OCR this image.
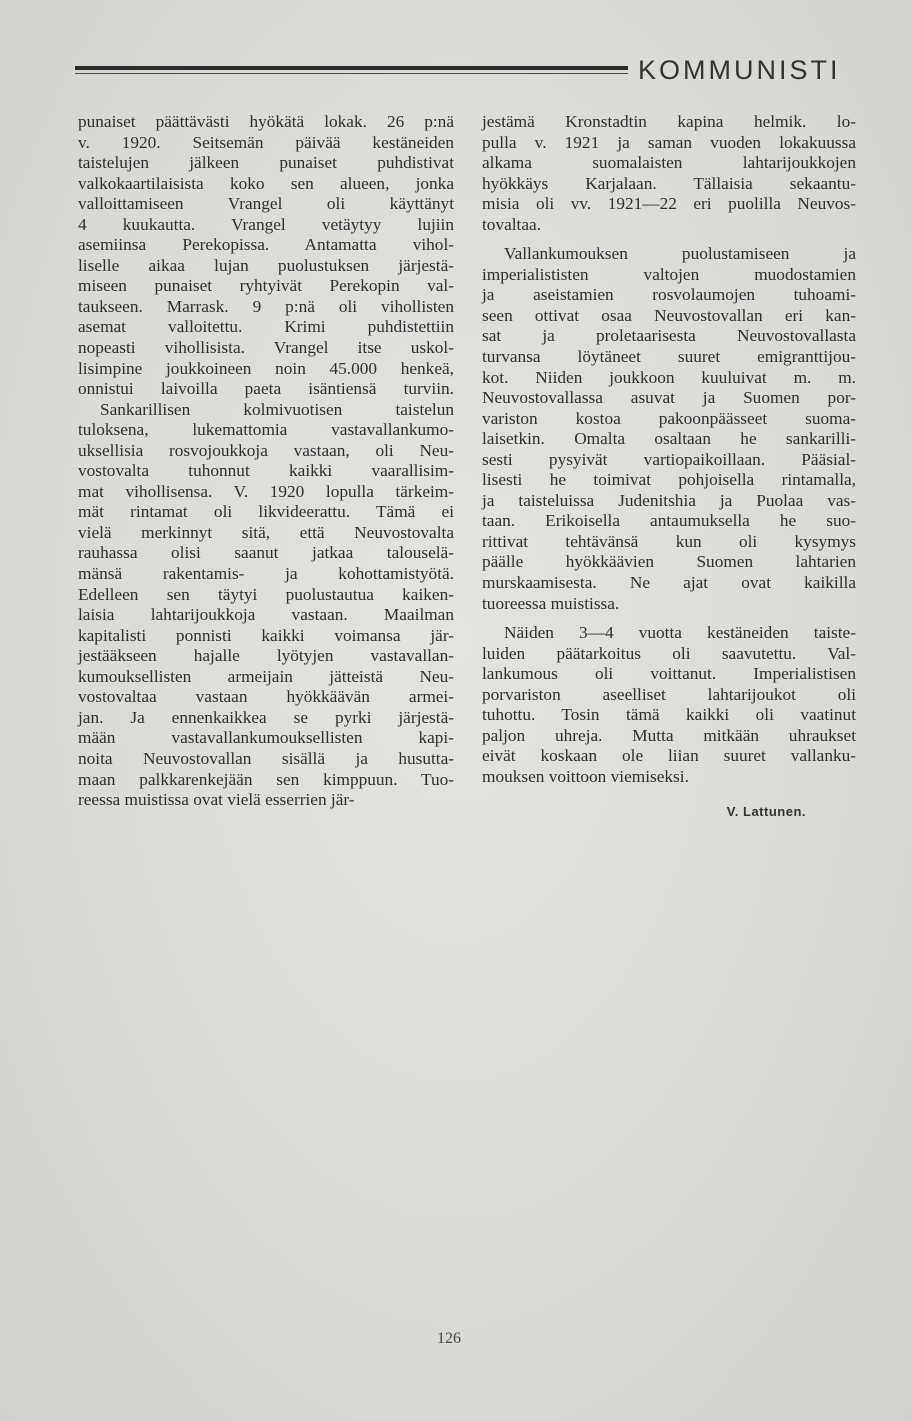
KOMMUNISTI
punaiset päättävästi hyökätä lokak. 26 p:nä
v. 1920. Seitsemän päivää kestäneiden
taistelujen jälkeen punaiset puhdistivat
valkokaartilaisista koko sen alueen, jonka
valloittamiseen Vrangel oli käyttänyt
4 kuukautta. Vrangel vetäytyy lujiin
asemiinsa Perekopissa. Antamatta vihol-
liselle aikaa lujan puolustuksen järjestä-
miseen punaiset ryhtyivät Perekopin val-
taukseen. Marrask. 9 p:nä oli vihollisten
asemat valloitettu. Krimi puhdistettiin
nopeasti vihollisista. Vrangel itse uskol-
lisimpine joukkoineen noin 45.000 henkeä,
onnistui laivoilla paeta isäntiensä turviin.
Sankarillisen kolmivuotisen taistelun
tuloksena, lukemattomia vastavallankumo-
uksellisia rosvojoukkoja vastaan, oli Neu-
vostovalta tuhonnut kaikki vaarallisim-
mat vihollisensa. V. 1920 lopulla tärkeim-
mät rintamat oli likvideerattu. Tämä ei
vielä merkinnyt sitä, että Neuvostovalta
rauhassa olisi saanut jatkaa talouselä-
mänsä rakentamis- ja kohottamistyötä.
Edelleen sen täytyi puolustautua kaiken-
laisia lahtarijoukkoja vastaan. Maailman
kapitalisti ponnisti kaikki voimansa jär-
jestääkseen hajalle lyötyjen vastavallan-
kumouksellisten armeijain jätteistä Neu-
vostovaltaa vastaan hyökkäävän armei-
jan. Ja ennenkaikkea se pyrki järjestä-
mään vastavallankumouksellisten kapi-
noita Neuvostovallan sisällä ja husutta-
maan palkkarenkejään sen kimppuun. Tuo-
reessa muistissa ovat vielä esserrien jär-
jestämä Kronstadtin kapina helmik. lo-
pulla v. 1921 ja saman vuoden lokakuussa
alkama suomalaisten lahtarijoukkojen
hyökkäys Karjalaan. Tällaisia sekaantu-
misia oli vv. 1921—22 eri puolilla Neuvos-
tovaltaa.
Vallankumouksen puolustamiseen ja
imperialististen valtojen muodostamien
ja aseistamien rosvolaumojen tuhoami-
seen ottivat osaa Neuvostovallan eri kan-
sat ja proletaarisesta Neuvostovallasta
turvansa löytäneet suuret emigranttijou-
kot. Niiden joukkoon kuuluivat m. m.
Neuvostovallassa asuvat ja Suomen por-
variston kostoa pakoonpäässeet suoma-
laisetkin. Omalta osaltaan he sankarilli-
sesti pysyivät vartiopaikoillaan. Pääsial-
lisesti he toimivat pohjoisella rintamalla,
ja taisteluissa Judenitshia ja Puolaa vas-
taan. Erikoisella antaumuksella he suo-
rittivat tehtävänsä kun oli kysymys
päälle hyökkäävien Suomen lahtarien
murskaamisesta. Ne ajat ovat kaikilla
tuoreessa muistissa.
Näiden 3—4 vuotta kestäneiden taiste-
luiden päätarkoitus oli saavutettu. Val-
lankumous oli voittanut. Imperialistisen
porvariston aseelliset lahtarijoukot oli
tuhottu. Tosin tämä kaikki oli vaatinut
paljon uhreja. Mutta mitkään uhraukset
eivät koskaan ole liian suuret vallanku-
mouksen voittoon viemiseksi.
V. Lattunen.
126
